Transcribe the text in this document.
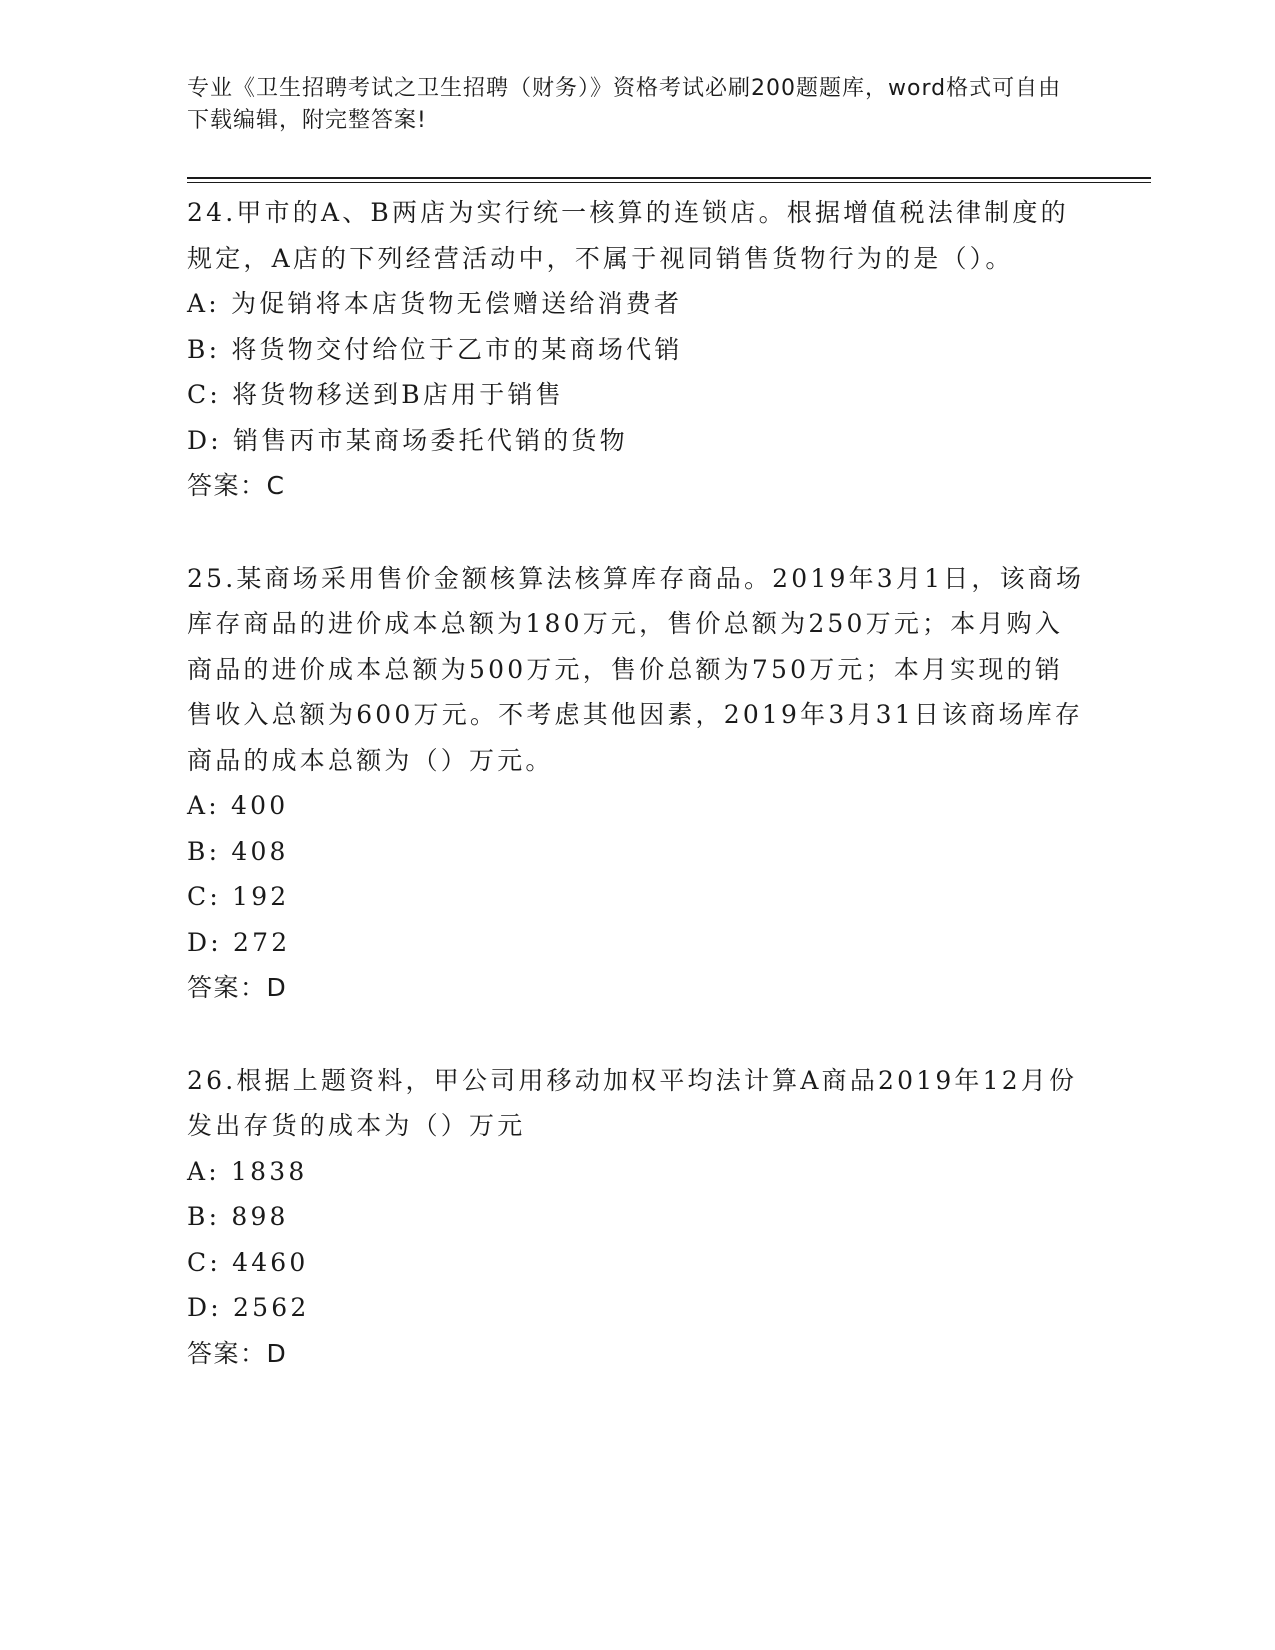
专业《卫生招聘考试之卫生招聘（财务）》资格考试必刷200题题库，word格式可自由下载编辑，附完整答案!

24.甲市的A、B两店为实行统一核算的连锁店。根据增值税法律制度的规定，A店的下列经营活动中，不属于视同销售货物行为的是（）。

A: 为促销将本店货物无偿赠送给消费者

B: 将货物交付给位于乙市的某商场代销

C: 将货物移送到B店用于销售

D: 销售丙市某商场委托代销的货物

答案：C

25.某商场采用售价金额核算法核算库存商品。2019年3月1日，该商场库存商品的进价成本总额为180万元，售价总额为250万元；本月购入商品的进价成本总额为500万元，售价总额为750万元；本月实现的销售收入总额为600万元。不考虑其他因素，2019年3月31日该商场库存商品的成本总额为（）万元。

A: 400

B: 408

C: 192

D: 272

答案：D

26.根据上题资料，甲公司用移动加权平均法计算A商品2019年12月份发出存货的成本为（）万元

A: 1838

B: 898

C: 4460

D: 2562

答案：D
